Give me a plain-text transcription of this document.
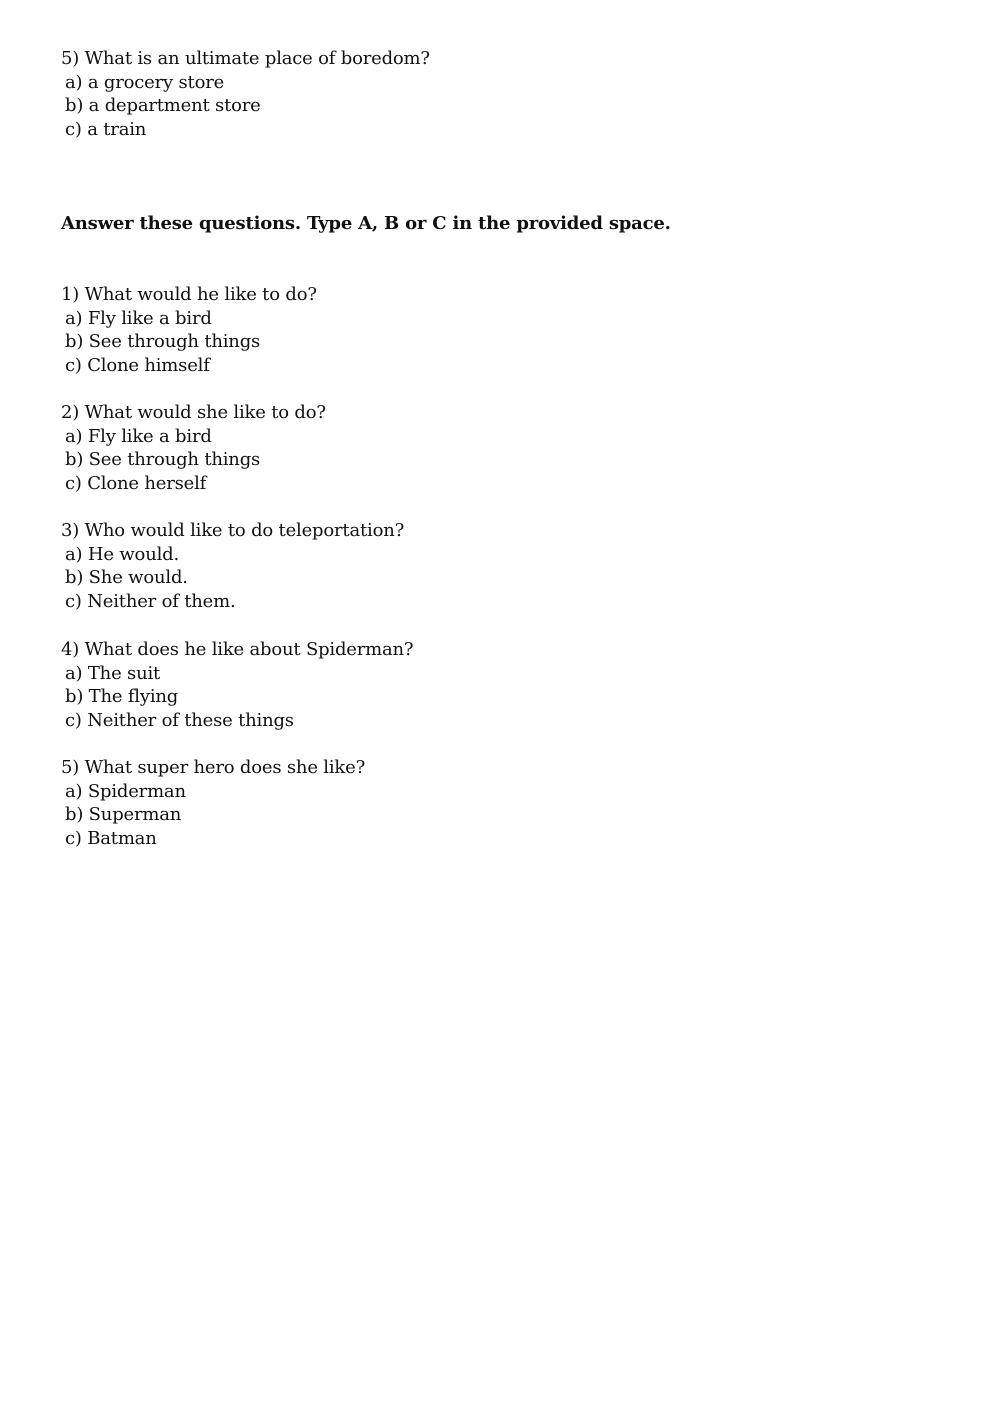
5) What is an ultimate place of boredom?
a) a grocery store
b) a department store
c) a train
Answer these questions. Type A, B or C in the provided space.
1) What would he like to do?
a) Fly like a bird
b) See through things
c) Clone himself
2) What would she like to do?
a) Fly like a bird
b) See through things
c) Clone herself
3) Who would like to do teleportation?
a) He would.
b) She would.
c) Neither of them.
4) What does he like about Spiderman?
a) The suit
b) The flying
c) Neither of these things
5) What super hero does she like?
a) Spiderman
b) Superman
c) Batman
